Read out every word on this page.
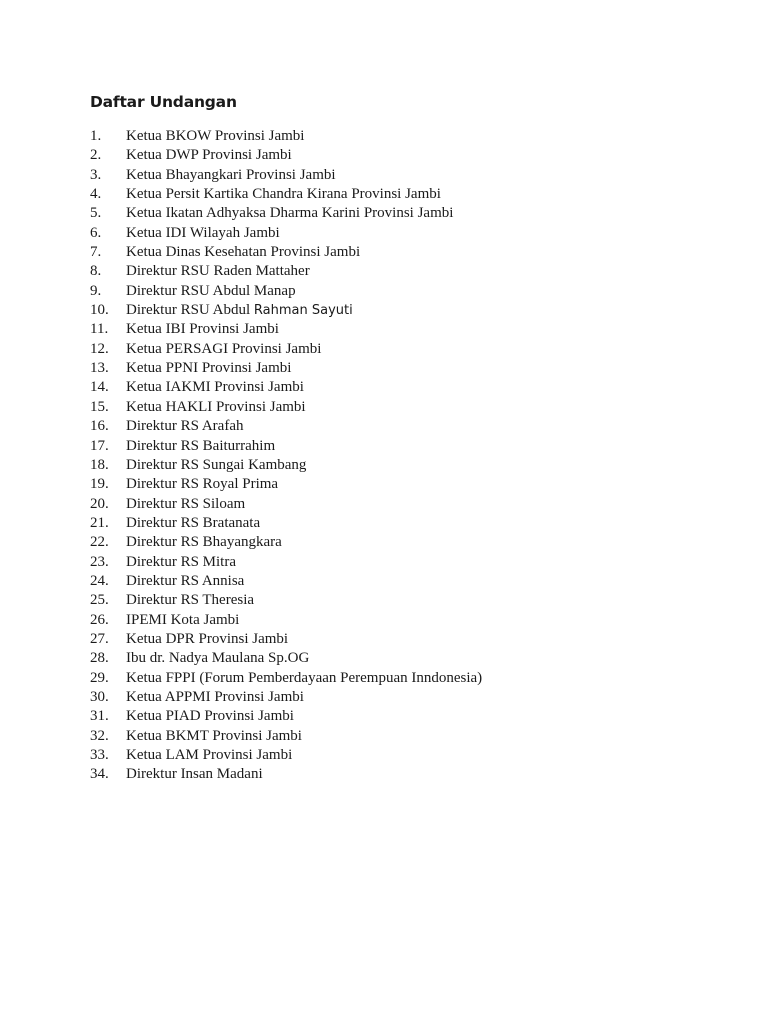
Daftar Undangan
1.	Ketua BKOW Provinsi Jambi
2.	Ketua DWP Provinsi Jambi
3.	Ketua Bhayangkari Provinsi Jambi
4.	Ketua Persit Kartika Chandra Kirana Provinsi Jambi
5.	Ketua Ikatan Adhyaksa Dharma Karini Provinsi Jambi
6.	Ketua IDI Wilayah Jambi
7.	Ketua Dinas Kesehatan Provinsi Jambi
8.	Direktur RSU Raden Mattaher
9.	Direktur RSU Abdul Manap
10.	Direktur RSU Abdul Rahman Sayuti
11.	Ketua IBI Provinsi Jambi
12.	Ketua PERSAGI Provinsi Jambi
13.	Ketua PPNI Provinsi Jambi
14.	Ketua IAKMI Provinsi Jambi
15.	Ketua HAKLI Provinsi Jambi
16.	Direktur RS Arafah
17.	Direktur RS Baiturrahim
18.	Direktur RS Sungai Kambang
19.	Direktur RS Royal Prima
20.	Direktur RS Siloam
21.	Direktur RS Bratanata
22.	Direktur RS Bhayangkara
23.	Direktur RS Mitra
24.	Direktur RS Annisa
25.	Direktur RS Theresia
26.	IPEMI Kota Jambi
27.	Ketua DPR Provinsi Jambi
28.	Ibu dr. Nadya Maulana Sp.OG
29.	Ketua FPPI (Forum Pemberdayaan Perempuan Inndonesia)
30.	Ketua APPMI Provinsi Jambi
31.	Ketua PIAD Provinsi Jambi
32.	Ketua BKMT Provinsi Jambi
33.	Ketua LAM Provinsi Jambi
34.	Direktur Insan Madani
